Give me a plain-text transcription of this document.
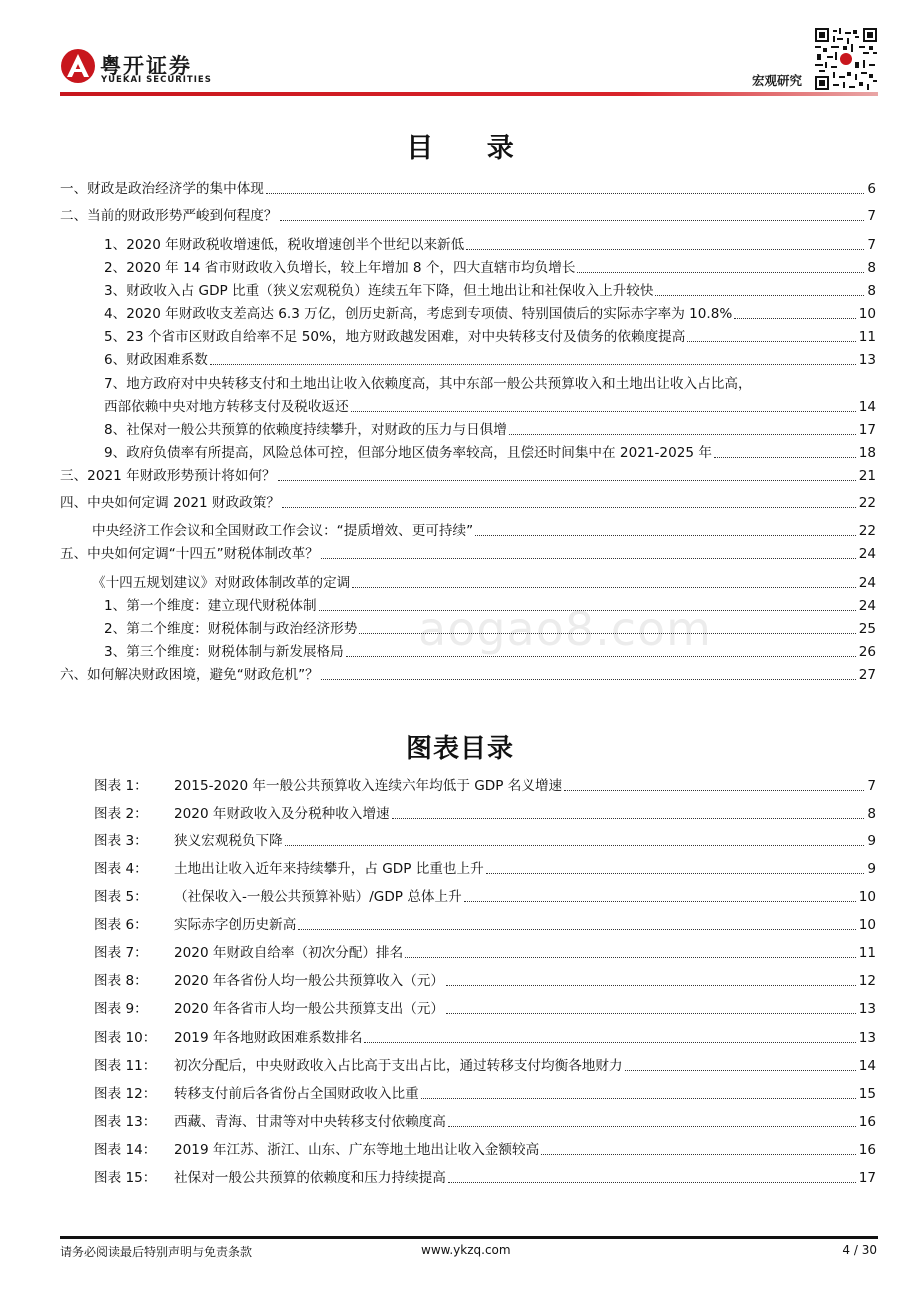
粤开证券
YUEKAI SECURITIES	宏观研究
目 录
一、财政是政治经济学的集中体现	6
二、当前的财政形势严峻到何程度？	7
1、2020 年财政税收增速低，税收增速创半个世纪以来新低	7
2、2020 年 14 省市财政收入负增长，较上年增加 8 个，四大直辖市均负增长	8
3、财政收入占 GDP 比重（狭义宏观税负）连续五年下降，但土地出让和社保收入上升较快	8
4、2020 年财政收支差高达 6.3 万亿，创历史新高，考虑到专项债、特别国债后的实际赤字率为 10.8%	10
5、23 个省市区财政自给率不足 50%，地方财政越发困难，对中央转移支付及债务的依赖度提高	11
6、财政困难系数	13
7、地方政府对中央转移支付和土地出让收入依赖度高，其中东部一般公共预算收入和土地出让收入占比高，
西部依赖中央对地方转移支付及税收返还	14
8、社保对一般公共预算的依赖度持续攀升，对财政的压力与日俱增	17
9、政府负债率有所提高，风险总体可控，但部分地区债务率较高，且偿还时间集中在 2021-2025 年	18
三、2021 年财政形势预计将如何？	21
四、中央如何定调 2021 财政政策？	22
中央经济工作会议和全国财政工作会议：“提质增效、更可持续”	22
五、中央如何定调“十四五”财税体制改革？	24
《十四五规划建议》对财政体制改革的定调	24
1、第一个维度：建立现代财税体制	24
2、第二个维度：财税体制与政治经济形势	25
3、第三个维度：财税体制与新发展格局	26
六、如何解决财政困境，避免“财政危机”？	27
aogao8.com
图表目录
图表 1： 2015-2020 年一般公共预算收入连续六年均低于 GDP 名义增速	7
图表 2： 2020 年财政收入及分税种收入增速	8
图表 3： 狭义宏观税负下降	9
图表 4： 土地出让收入近年来持续攀升，占 GDP 比重也上升	9
图表 5： （社保收入-一般公共预算补贴）/GDP 总体上升	10
图表 6： 实际赤字创历史新高	10
图表 7： 2020 年财政自给率（初次分配）排名	11
图表 8： 2020 年各省份人均一般公共预算收入（元）	12
图表 9： 2020 年各省市人均一般公共预算支出（元）	13
图表 10： 2019 年各地财政困难系数排名	13
图表 11： 初次分配后，中央财政收入占比高于支出占比，通过转移支付均衡各地财力	14
图表 12： 转移支付前后各省份占全国财政收入比重	15
图表 13： 西藏、青海、甘肃等对中央转移支付依赖度高	16
图表 14： 2019 年江苏、浙江、山东、广东等地土地出让收入金额较高	16
图表 15： 社保对一般公共预算的依赖度和压力持续提高	17
请务必阅读最后特别声明与免责条款	www.ykzq.com	4 / 30
